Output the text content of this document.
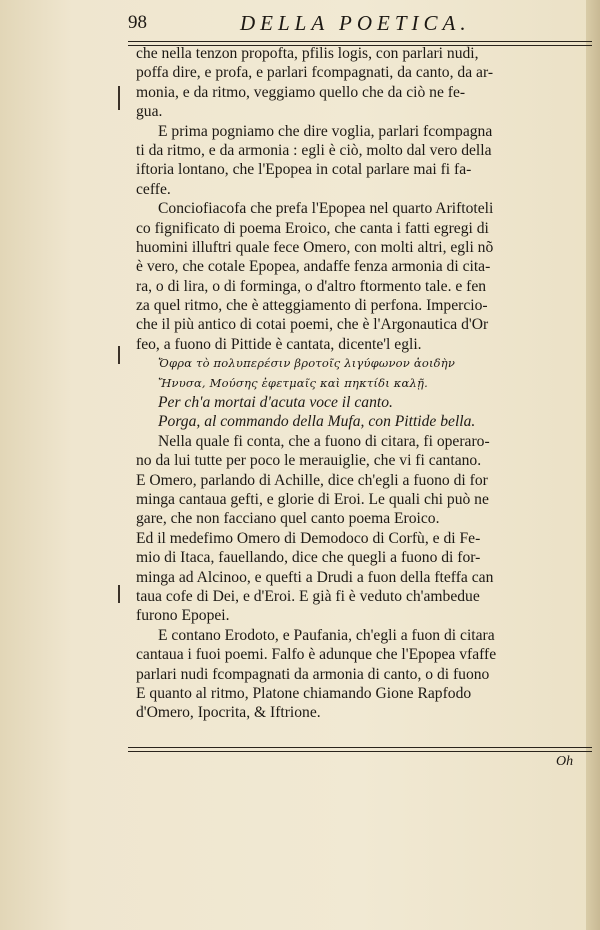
98	DELLA POETICA.
che nella tenzon propofta, pfilis logis, con parlari nudi,
poffa dire, e profa, e parlari fcompagnati, da canto, da ar-
monia, e da ritmo, veggiamo quello che da ciò ne fe-
gua.
E prima pogniamo che dire voglia, parlari fcompagna
ti da ritmo, e da armonia : egli è ciò, molto dal vero della
iftoria lontano, che l'Epopea in cotal parlare mai fi fa-
ceffe.
Conciofiacofa che prefa l'Epopea nel quarto Ariftoteli
co fignificato di poema Eroico, che canta i fatti egregi di
huomini illuftri quale fece Omero, con molti altri, egli nõ
è vero, che cotale Epopea, andaffe fenza armonia di cita-
ra, o di lira, o di forminga, o d'altro ftormento tale. e fen
za quel ritmo, che è atteggiamento di perfona. Impercio-
che il più antico di cotai poemi, che è l'Argonautica d'Or
feo, a fuono di Pittide è cantata, dicente'l egli.
Ὄφρα τὸ πολυπερέσιν βροτοῖς λιγύφωνον ἀοιδὴν
Ἤνυσα, Μούσης ἐφετμαῖς καὶ πηκτίδι καλῇ.
Per ch'a mortai d'acuta voce il canto.
Porga, al commando della Mufa, con Pittide bella.
Nella quale fi conta, che a fuono di citara, fi operaro-
no da lui tutte per poco le merauiglie, che vi fi cantano.
E Omero, parlando di Achille, dice ch'egli a fuono di for
minga cantaua gefti, e glorie di Eroi. Le quali chi può ne
gare, che non facciano quel canto poema Eroico.
Ed il medefimo Omero di Demodoco di Corfù, e di Fe-
mio di Itaca, fauellando, dice che quegli a fuono di for-
minga ad Alcinoo, e quefti a Drudi a fuon della fteffa can
taua cofe di Dei, e d'Eroi. E già fi è veduto ch'ambedue
furono Epopei.
E contano Erodoto, e Paufania, ch'egli a fuon di citara
cantaua i fuoi poemi. Falfo è adunque che l'Epopea vfaffe
parlari nudi fcompagnati da armonia di canto, o di fuono
E quanto al ritmo, Platone chiamando Gione Rapfodo
d'Omero, Ipocrita, & Iftrione.
Oh
